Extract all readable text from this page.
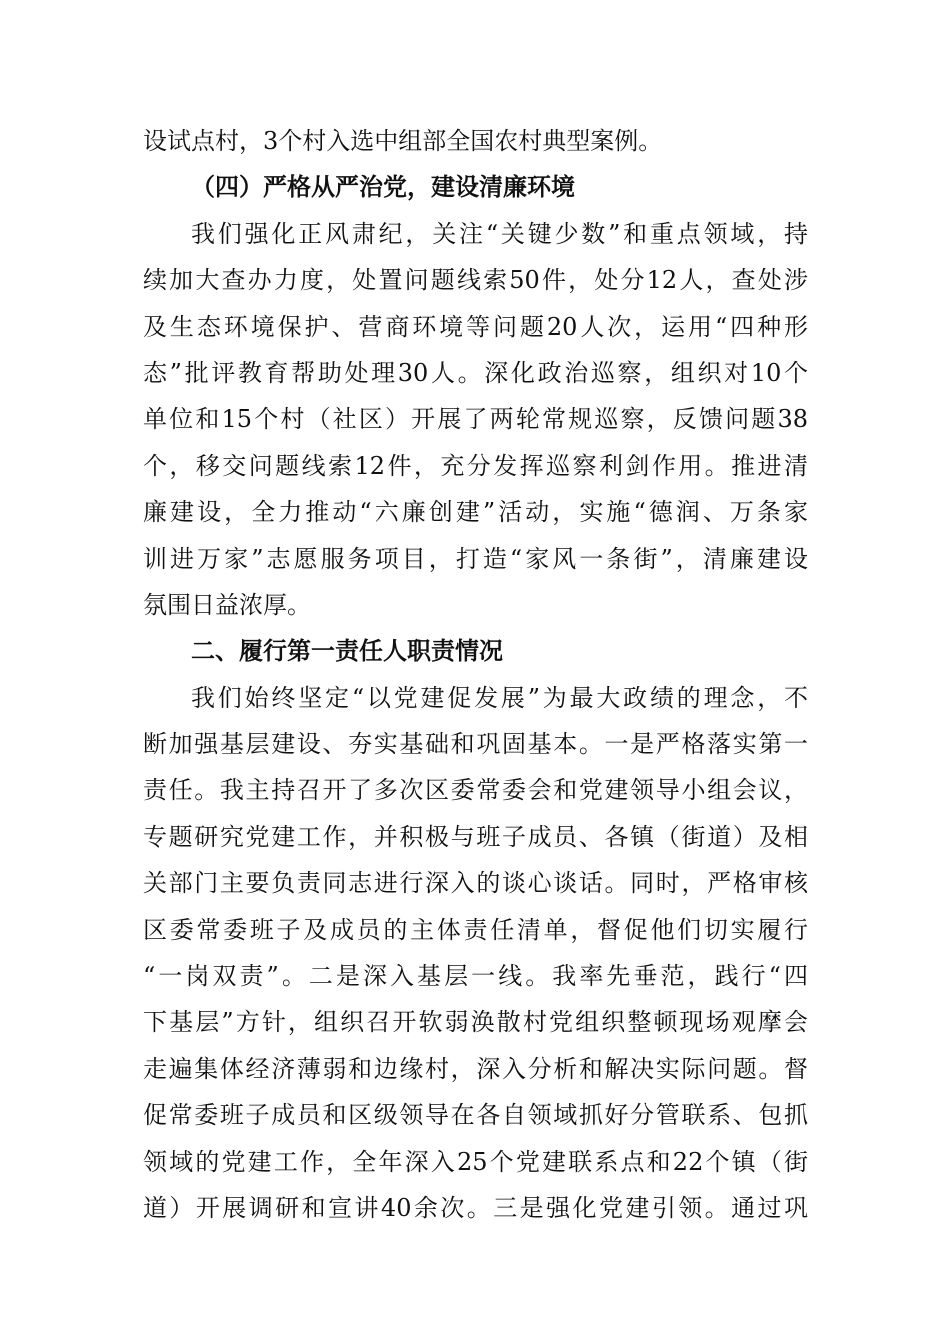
设试点村，3个村入选中组部全国农村典型案例。
（四）严格从严治党，建设清廉环境
我们强化正风肃纪，关注“关键少数”和重点领域，持
续加大查办力度，处置问题线索50件，处分12人，查处涉
及生态环境保护、营商环境等问题20人次，运用“四种形
态”批评教育帮助处理30人。深化政治巡察，组织对10个
单位和15个村（社区）开展了两轮常规巡察，反馈问题38
个，移交问题线索12件，充分发挥巡察利剑作用。推进清
廉建设，全力推动“六廉创建”活动，实施“德润、万条家
训进万家”志愿服务项目，打造“家风一条街”，清廉建设
氛围日益浓厚。
二、履行第一责任人职责情况
我们始终坚定“以党建促发展”为最大政绩的理念，不
断加强基层建设、夯实基础和巩固基本。一是严格落实第一
责任。我主持召开了多次区委常委会和党建领导小组会议，
专题研究党建工作，并积极与班子成员、各镇（街道）及相
关部门主要负责同志进行深入的谈心谈话。同时，严格审核
区委常委班子及成员的主体责任清单，督促他们切实履行
“一岗双责”。二是深入基层一线。我率先垂范，践行“四
下基层”方针，组织召开软弱涣散村党组织整顿现场观摩会
走遍集体经济薄弱和边缘村，深入分析和解决实际问题。督
促常委班子成员和区级领导在各自领域抓好分管联系、包抓
领域的党建工作，全年深入25个党建联系点和22个镇（街
道）开展调研和宣讲40余次。三是强化党建引领。通过巩
